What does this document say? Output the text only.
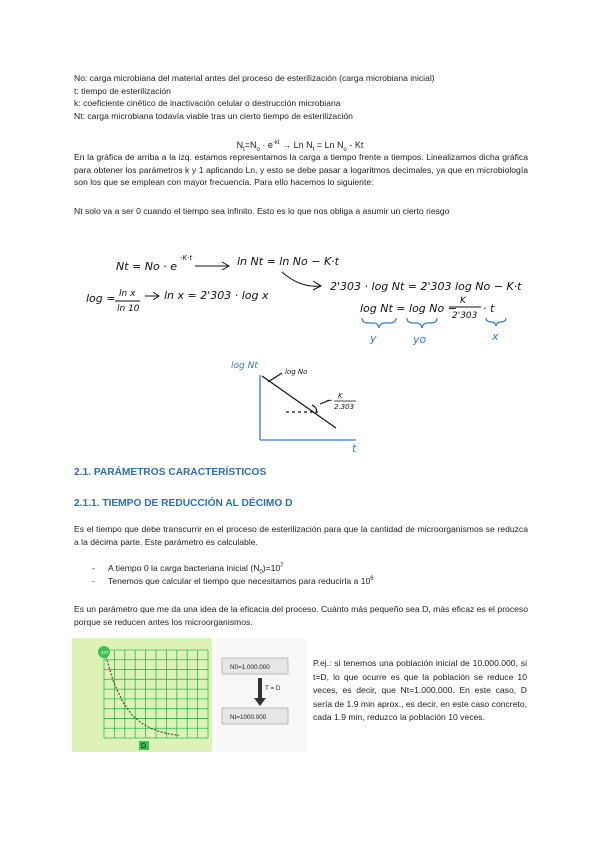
No: carga microbiana del material antes del proceso de esterilización (carga microbiana inicial)
t: tiempo de esterilización
k: coeficiente cinético de inactivación celular o destrucción microbiana
Nt: carga microbiana todavía viable tras un cierto tiempo de esterilización
$N_t=N_o \cdot e^{-kt} \to Ln$ $N_t = Ln$ $N_o$ - Kt
En la gráfica de arriba a la izq. estamos representamos la carga a tiempo frente a tiempos. Linealizamos dicha gráfica para obtener los parámetros k y 1 aplicando Ln, y esto se debe pasar a logaritmos decimales, ya que en microbiología son los que se emplean con mayor frecuencia. Para ello hacemos lo siguiente:
Nt solo va a ser 0 cuando el tiempo sea infinito. Esto es lo que nos obliga a asumir un cierto riesgo
Nt = No · e
-K·t	ln Nt = ln No − K·t
log = ln x
ln 10
ln x = 2'303 · log x
2'303 · log Nt = 2'303 log No − K·t
log Nt = log No −
K
2'303
· t
y	yo	x
log Nt
t
log No
− K
2.303
2.1. PARÁMETROS CARACTERÍSTICOS
2.1.1. TIEMPO DE REDUCCIÓN AL DÉCIMO D
Es el tiempo que debe transcurrir en el proceso de esterilización para que la cantidad de microorganismos se reduzca a la décima parte. Este parámetro es calculable.
- A tiempo 0 la carga bacteriana inicial $(N_0)=10^7$
- Tenemos que calcular el tiempo que necesitamos para reducirla a $10^6$
Es un parámetro que me da una idea de la eficacia del proceso. Cuánto más pequeño sea D, más eficaz es el proceso porque se reducen antes los microorganismos.
107
D
N0=1.000.000
T = D
Nt=1000.000
P.ej.: si tenemos una población inicial de 10.000.000, si t=D, lo que ocurre es que la población se reduce 10 veces, es decir, que Nt=1.000.000. En este caso, D sería de 1.9 min aprox., es decir, en este caso concreto, cada 1.9 min, reduzco la población 10 veces.
